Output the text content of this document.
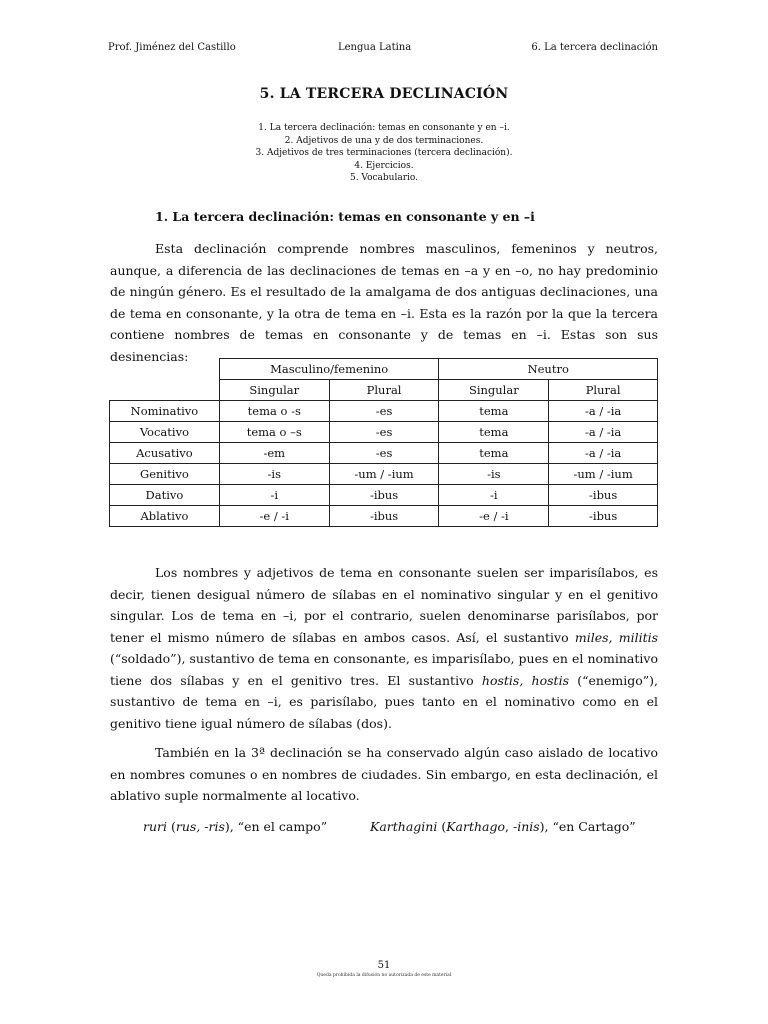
Prof. Jiménez del Castillo	Lengua Latina	6. La tercera declinación
5. LA TERCERA DECLINACIÓN
1. La tercera declinación: temas en consonante y en –i.
2. Adjetivos de una y de dos terminaciones.
3. Adjetivos de tres terminaciones (tercera declinación).
4. Ejercicios.
5. Vocabulario.
1. La tercera declinación: temas en consonante y en –i
Esta declinación comprende nombres masculinos, femeninos y neutros, aunque, a diferencia de las declinaciones de temas en –a y en –o, no hay predominio de ningún género. Es el resultado de la amalgama de dos antiguas declinaciones, una de tema en consonante, y la otra de tema en –i. Esta es la razón por la que la tercera contiene nombres de temas en consonante y de temas en –i. Estas son sus desinencias:
	Masculino/femenino		Neutro	
	Singular	Plural	Singular	Plural
Nominativo	tema o -s	-es	tema	-a / -ia
Vocativo	tema o –s	-es	tema	-a / -ia
Acusativo	-em	-es	tema	-a / -ia
Genitivo	-is	-um / -ium	-is	-um / -ium
Dativo	-i	-ibus	-i	-ibus
Ablativo	-e / -i	-ibus	-e / -i	-ibus
Los nombres y adjetivos de tema en consonante suelen ser imparisílabos, es decir, tienen desigual número de sílabas en el nominativo singular y en el genitivo singular. Los de tema en –i, por el contrario, suelen denominarse parisílabos, por tener el mismo número de sílabas en ambos casos. Así, el sustantivo miles, militis (“soldado”), sustantivo de tema en consonante, es imparisílabo, pues en el nominativo tiene dos sílabas y en el genitivo tres. El sustantivo hostis, hostis (“enemigo”), sustantivo de tema en –i, es parisílabo, pues tanto en el nominativo como en el genitivo tiene igual número de sílabas (dos).
También en la 3ª declinación se ha conservado algún caso aislado de locativo en nombres comunes o en nombres de ciudades. Sin embargo, en esta declinación, el ablativo suple normalmente al locativo.
ruri (rus, -ris), “en el campo”	Karthagini (Karthago, -inis), “en Cartago”
51
Queda prohibida la difusión no autorizada de este material
